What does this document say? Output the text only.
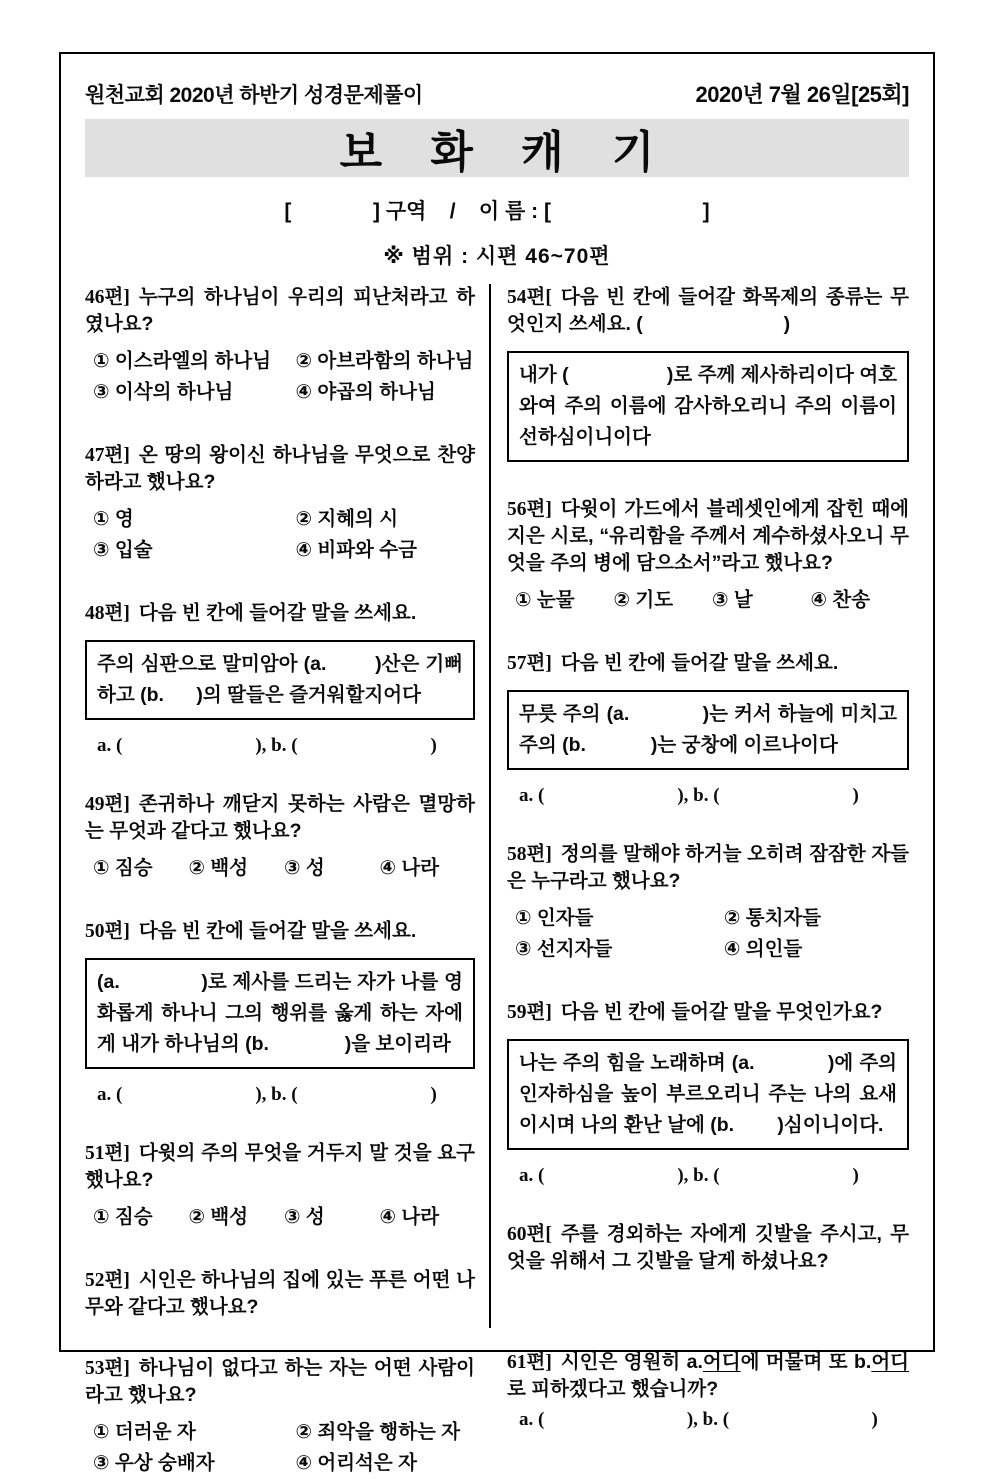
원천교회 2020년 하반기 성경문제풀이	2020년 7월 26일[25회]
보 화 캐 기
[              ] 구역    /    이 름 : [                          ]
※ 범위 : 시편 46~70편

46편] 누구의 하나님이 우리의 피난처라고 하였나요?

① 이스라엘의 하나님	② 아브라함의 하나님
③ 이삭의 하나님	④ 야곱의 하나님

47편] 온 땅의 왕이신 하나님을 무엇으로 찬양하라고 했나요?

① 영	② 지혜의 시
③ 입술	④ 비파와 수금

48편] 다음 빈 칸에 들어갈 말을 쓰세요.

주의 심판으로 말미암아 (a.        )산은 기뻐하고 (b.      )의 딸들은 즐거워할지어다

a. (                            ), b. (                            )

49편] 존귀하나 깨닫지 못하는 사람은 멸망하는 무엇과 같다고 했나요?

① 짐승	② 백성	③ 성	④ 나라

50편] 다음 빈 칸에 들어갈 말을 쓰세요.

(a.              )로 제사를 드리는 자가 나를 영화롭게 하나니 그의 행위를 옳게 하는 자에게 내가 하나님의 (b.              )을 보이리라

a. (                            ), b. (                            )

51편] 다윗의 주의 무엇을 거두지 말 것을 요구했나요?

① 짐승	② 백성	③ 성	④ 나라

52편] 시인은 하나님의 집에 있는 푸른 어떤 나무와 같다고 했나요?

53편] 하나님이 없다고 하는 자는 어떤 사람이라고 했나요?

① 더러운 자	② 죄악을 행하는 자
③ 우상 숭배자	④ 어리석은 자

54편[ 다음 빈 칸에 들어갈 화목제의 종류는 무엇인지 쓰세요. (                          )

내가 (                  )로 주께 제사하리이다 여호와여 주의 이름에 감사하오리니 주의 이름이 선하심이니이다

56편] 다윗이 가드에서 블레셋인에게 잡힌 때에 지은 시로, “유리함을 주께서 계수하셨사오니 무엇을 주의 병에 담으소서”라고 했나요?

① 눈물	② 기도	③ 날	④ 찬송

57편] 다음 빈 칸에 들어갈 말을 쓰세요.

무릇 주의 (a.            )는 커서 하늘에 미치고 주의 (b.            )는 궁창에 이르나이다

a. (                            ), b. (                            )

58편] 정의를 말해야 하거늘 오히려 잠잠한 자들은 누구라고 했나요?

① 인자들	② 통치자들
③ 선지자들	④ 의인들

59편] 다음 빈 칸에 들어갈 말을 무엇인가요?

나는 주의 힘을 노래하며 (a.            )에 주의 인자하심을 높이 부르오리니 주는 나의 요새이시며 나의 환난 날에 (b.        )심이니이다.

a. (                            ), b. (                            )

60편[ 주를 경외하는 자에게 깃발을 주시고, 무엇을 위해서 그 깃발을 달게 하셨나요?

61편] 시인은 영원히 a.어디에 머물며 또 b.어디로 피하겠다고 했습니까?

a. (                              ), b. (                              )
